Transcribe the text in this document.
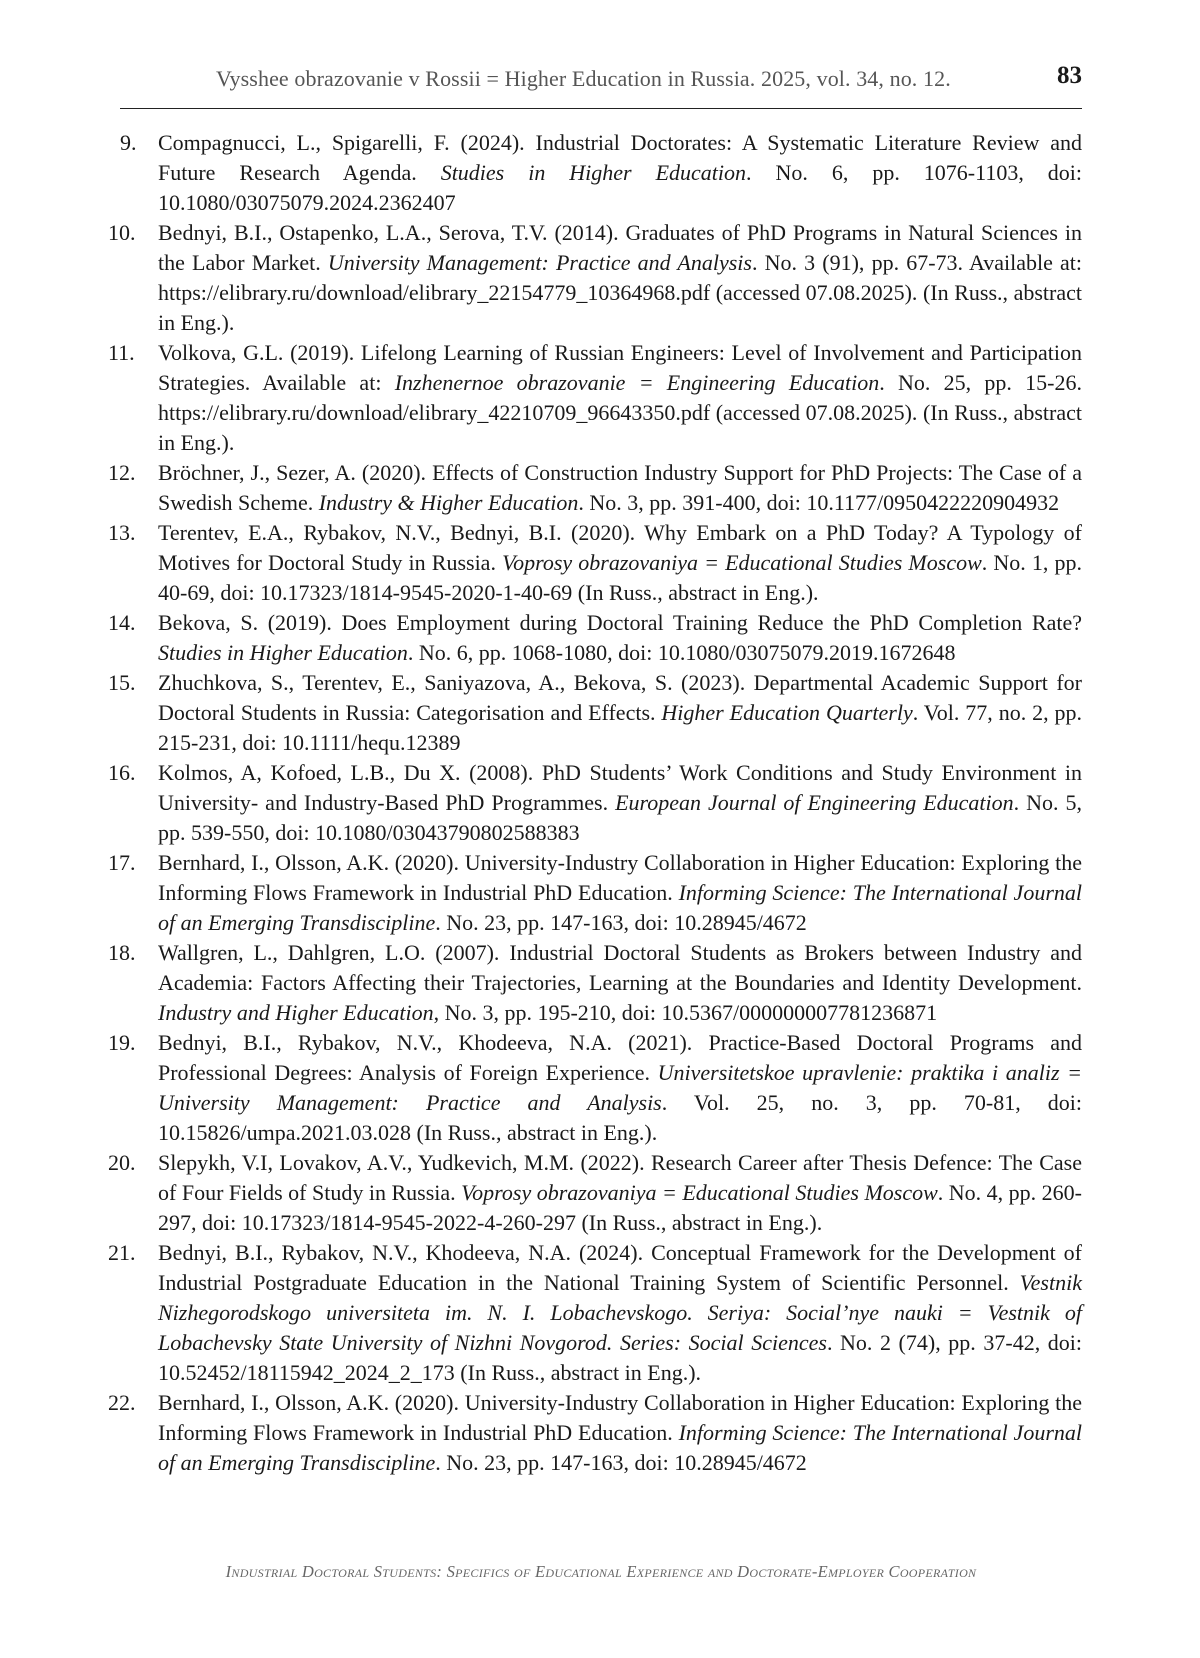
Vysshee obrazovanie v Rossii = Higher Education in Russia. 2025, vol. 34, no. 12.	83
9. Compagnucci, L., Spigarelli, F. (2024). Industrial Doctorates: A Systematic Literature Review and Future Research Agenda. Studies in Higher Education. No. 6, pp. 1076-1103, doi: 10.1080/03075079.2024.2362407
10. Bednyi, B.I., Ostapenko, L.A., Serova, T.V. (2014). Graduates of PhD Programs in Natural Sciences in the Labor Market. University Management: Practice and Analysis. No. 3 (91), pp. 67-73. Available at: https://elibrary.ru/download/elibrary_22154779_10364968.pdf (accessed 07.08.2025). (In Russ., abstract in Eng.).
11. Volkova, G.L. (2019). Lifelong Learning of Russian Engineers: Level of Involvement and Participation Strategies. Available at: Inzhenernoe obrazovanie = Engineering Education. No. 25, pp. 15-26. https://elibrary.ru/download/elibrary_42210709_96643350.pdf (accessed 07.08.2025). (In Russ., abstract in Eng.).
12. Bröchner, J., Sezer, A. (2020). Effects of Construction Industry Support for PhD Projects: The Case of a Swedish Scheme. Industry & Higher Education. No. 3, pp. 391-400, doi: 10.1177/0950422220904932
13. Terentev, E.A., Rybakov, N.V., Bednyi, B.I. (2020). Why Embark on a PhD Today? A Typology of Motives for Doctoral Study in Russia. Voprosy obrazovaniya = Educational Studies Moscow. No. 1, pp. 40-69, doi: 10.17323/1814-9545-2020-1-40-69 (In Russ., abstract in Eng.).
14. Bekova, S. (2019). Does Employment during Doctoral Training Reduce the PhD Completion Rate? Studies in Higher Education. No. 6, pp. 1068-1080, doi: 10.1080/03075079.2019.1672648
15. Zhuchkova, S., Terentev, E., Saniyazova, A., Bekova, S. (2023). Departmental Academic Support for Doctoral Students in Russia: Categorisation and Effects. Higher Education Quarterly. Vol. 77, no. 2, pp. 215-231, doi: 10.1111/hequ.12389
16. Kolmos, A, Kofoed, L.B., Du X. (2008). PhD Students’ Work Conditions and Study Environment in University- and Industry-Based PhD Programmes. European Journal of Engineering Education. No. 5, pp. 539-550, doi: 10.1080/03043790802588383
17. Bernhard, I., Olsson, A.K. (2020). University-Industry Collaboration in Higher Education: Exploring the Informing Flows Framework in Industrial PhD Education. Informing Science: The International Journal of an Emerging Transdiscipline. No. 23, pp. 147-163, doi: 10.28945/4672
18. Wallgren, L., Dahlgren, L.O. (2007). Industrial Doctoral Students as Brokers between Industry and Academia: Factors Affecting their Trajectories, Learning at the Boundaries and Identity Development. Industry and Higher Education, No. 3, pp. 195-210, doi: 10.5367/000000007781236871
19. Bednyi, B.I., Rybakov, N.V., Khodeeva, N.A. (2021). Practice-Based Doctoral Programs and Professional Degrees: Analysis of Foreign Experience. Universitetskoe upravlenie: praktika i analiz = University Management: Practice and Analysis. Vol. 25, no. 3, pp. 70-81, doi: 10.15826/umpa.2021.03.028 (In Russ., abstract in Eng.).
20. Slepykh, V.I, Lovakov, A.V., Yudkevich, M.M. (2022). Research Career after Thesis Defence: The Case of Four Fields of Study in Russia. Voprosy obrazovaniya = Educational Studies Moscow. No. 4, pp. 260-297, doi: 10.17323/1814-9545-2022-4-260-297 (In Russ., abstract in Eng.).
21. Bednyi, B.I., Rybakov, N.V., Khodeeva, N.A. (2024). Conceptual Framework for the Development of Industrial Postgraduate Education in the National Training System of Scientific Personnel. Vestnik Nizhegorodskogo universiteta im. N. I. Lobachevskogo. Seriya: Social’nye nauki = Vestnik of Lobachevsky State University of Nizhni Novgorod. Series: Social Sciences. No. 2 (74), pp. 37-42, doi: 10.52452/18115942_2024_2_173 (In Russ., abstract in Eng.).
22. Bernhard, I., Olsson, A.K. (2020). University-Industry Collaboration in Higher Education: Exploring the Informing Flows Framework in Industrial PhD Education. Informing Science: The International Journal of an Emerging Transdiscipline. No. 23, pp. 147-163, doi: 10.28945/4672
Industrial Doctoral Students: Specifics of Educational Experience and Doctorate-Employer Cooperation
